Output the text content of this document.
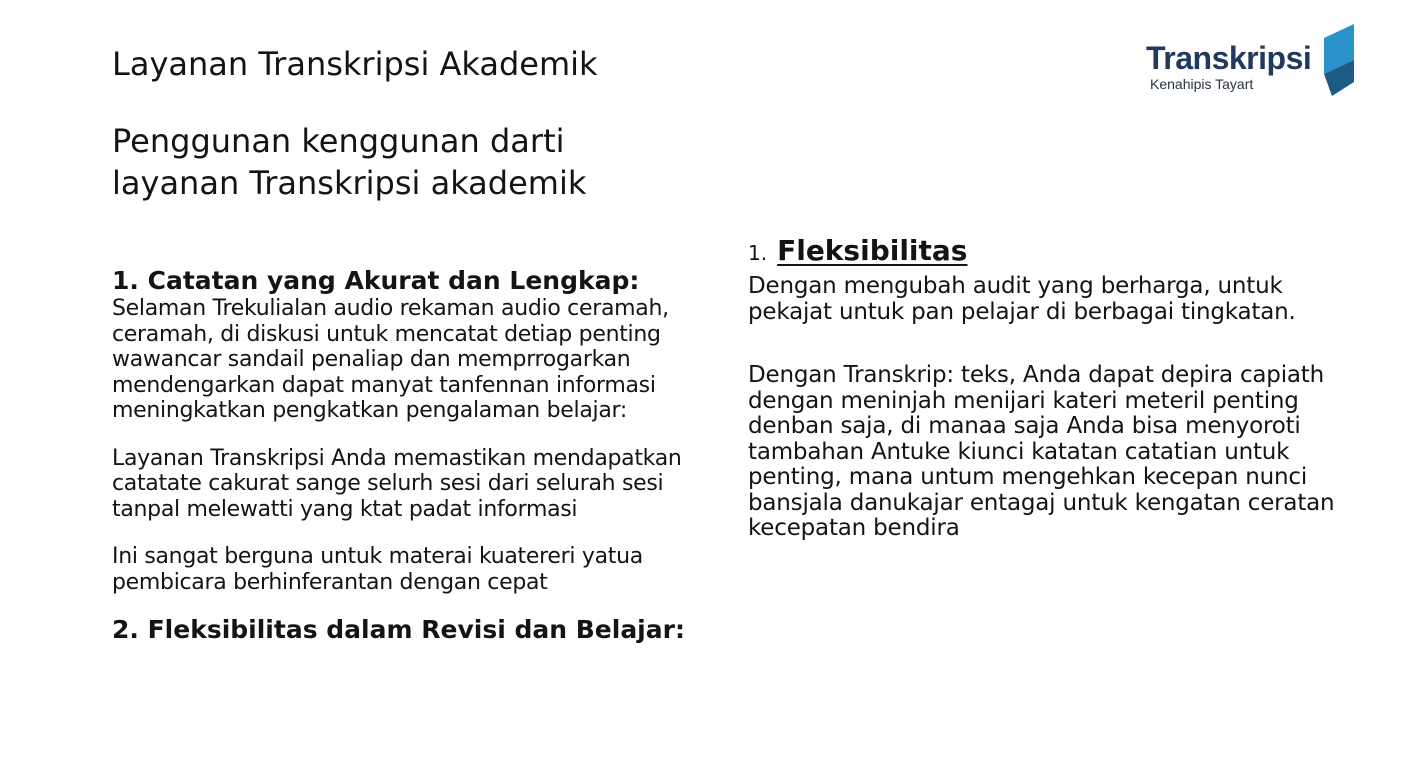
Layanan Transkripsi Akademik
Penggunan kenggunan darti
layanan Transkripsi akademik
Transkripsi
Kenahipis Tayart
1. Catatan yang Akurat dan Lengkap:

Selaman Trekulialan audio rekaman audio ceramah,
ceramah, di diskusi untuk mencatat detiap penting
wawancar sandail penaliap dan memprrogarkan
mendengarkan dapat manyat tanfennan informasi
meningkatkan pengkatkan pengalaman belajar:

Layanan Transkripsi Anda memastikan mendapatkan
catatate cakurat sange selurh sesi dari selurah sesi
tanpal melewatti yang ktat padat informasi

Ini sangat berguna untuk materai kuatereri yatua
pembicara berhinferantan dengan cepat

2. Fleksibilitas dalam Revisi dan Belajar:
1. Fleksibilitas

Dengan mengubah audit yang berharga, untuk
pekajat untuk pan pelajar di berbagai tingkatan.

Dengan Transkrip: teks, Anda dapat depira capiath
dengan meninjah menijari kateri meteril penting
denban saja, di manaa saja Anda bisa menyoroti
tambahan Antuke kiunci katatan catatian untuk
penting, mana untum mengehkan kecepan nunci
bansjala danukajar entagaj untuk kengatan ceratan
kecepatan bendira
